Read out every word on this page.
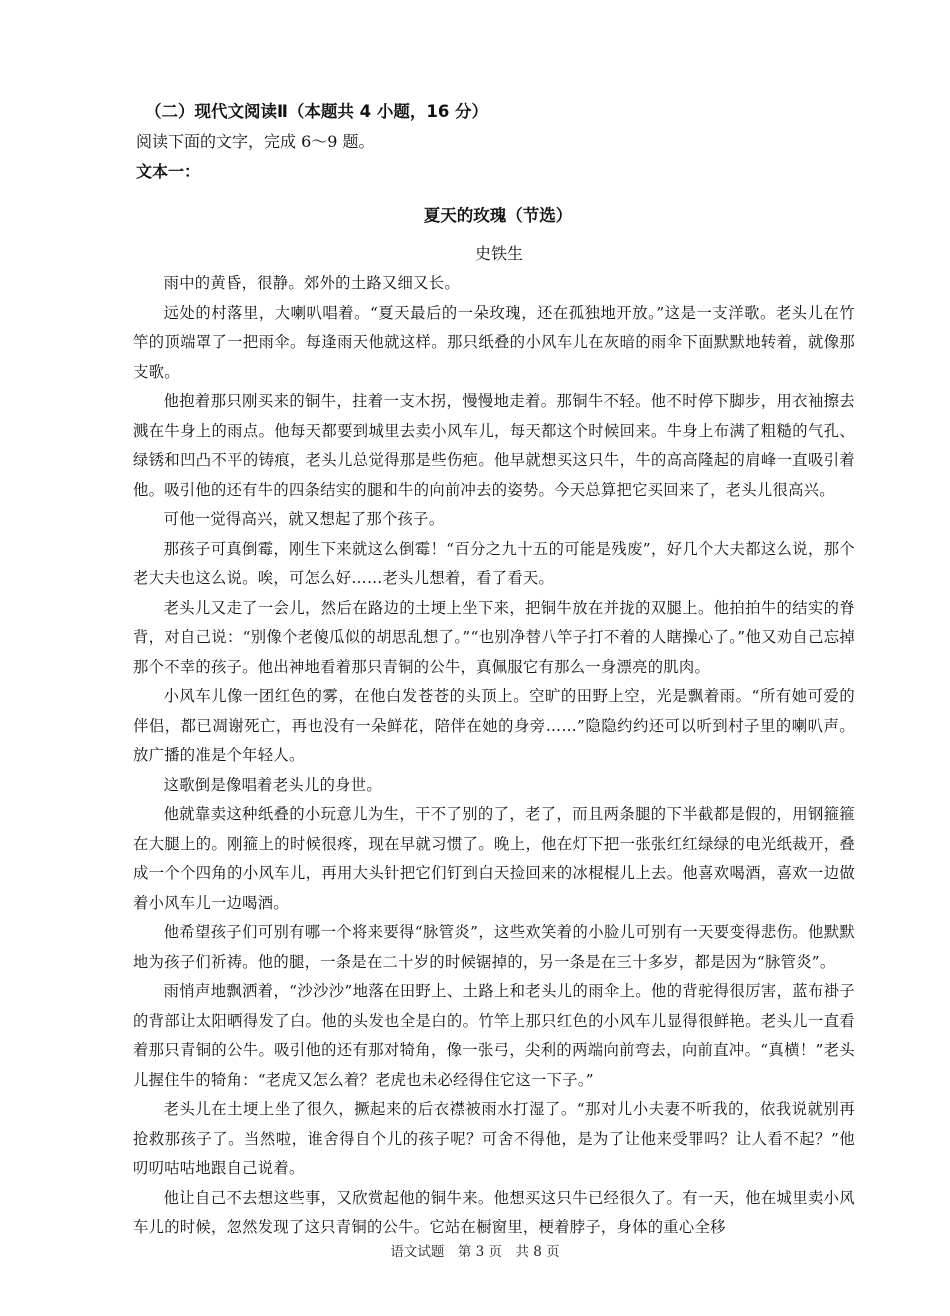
（二）现代文阅读Ⅱ（本题共 4 小题，16 分）
阅读下面的文字，完成 6～9 题。
文本一：
夏天的玫瑰（节选）
史铁生

雨中的黄昏，很静。郊外的土路又细又长。

远处的村落里，大喇叭唱着。“夏天最后的一朵玫瑰，还在孤独地开放。”这是一支洋歌。老头儿在竹竿的顶端罩了一把雨伞。每逢雨天他就这样。那只纸叠的小风车儿在灰暗的雨伞下面默默地转着，就像那支歌。

他抱着那只刚买来的铜牛，拄着一支木拐，慢慢地走着。那铜牛不轻。他不时停下脚步，用衣袖擦去溅在牛身上的雨点。他每天都要到城里去卖小风车儿，每天都这个时候回来。牛身上布满了粗糙的气孔、绿锈和凹凸不平的铸痕，老头儿总觉得那是些伤疤。他早就想买这只牛，牛的高高隆起的肩峰一直吸引着他。吸引他的还有牛的四条结实的腿和牛的向前冲去的姿势。今天总算把它买回来了，老头儿很高兴。

可他一觉得高兴，就又想起了那个孩子。

那孩子可真倒霉，刚生下来就这么倒霉！“百分之九十五的可能是残废”，好几个大夫都这么说，那个老大夫也这么说。唉，可怎么好……老头儿想着，看了看天。

老头儿又走了一会儿，然后在路边的土埂上坐下来，把铜牛放在并拢的双腿上。他拍拍牛的结实的脊背，对自己说：“别像个老傻瓜似的胡思乱想了。”“也别净替八竿子打不着的人瞎操心了。”他又劝自己忘掉那个不幸的孩子。他出神地看着那只青铜的公牛，真佩服它有那么一身漂亮的肌肉。

小风车儿像一团红色的雾，在他白发苍苍的头顶上。空旷的田野上空，光是飘着雨。“所有她可爱的伴侣，都已凋谢死亡，再也没有一朵鲜花，陪伴在她的身旁……”隐隐约约还可以听到村子里的喇叭声。放广播的准是个年轻人。

这歌倒是像唱着老头儿的身世。

他就靠卖这种纸叠的小玩意儿为生，干不了别的了，老了，而且两条腿的下半截都是假的，用钢箍箍在大腿上的。刚箍上的时候很疼，现在早就习惯了。晚上，他在灯下把一张张红红绿绿的电光纸裁开，叠成一个个四角的小风车儿，再用大头针把它们钉到白天捡回来的冰棍棍儿上去。他喜欢喝酒，喜欢一边做着小风车儿一边喝酒。

他希望孩子们可别有哪一个将来要得“脉管炎”，这些欢笑着的小脸儿可别有一天要变得悲伤。他默默地为孩子们祈祷。他的腿，一条是在二十岁的时候锯掉的，另一条是在三十多岁，都是因为“脉管炎”。

雨悄声地飘洒着，“沙沙沙”地落在田野上、土路上和老头儿的雨伞上。他的背驼得很厉害，蓝布褂子的背部让太阳晒得发了白。他的头发也全是白的。竹竿上那只红色的小风车儿显得很鲜艳。老头儿一直看着那只青铜的公牛。吸引他的还有那对犄角，像一张弓，尖利的两端向前弯去，向前直冲。“真横！”老头儿握住牛的犄角：“老虎又怎么着？老虎也未必经得住它这一下子。”

老头儿在土埂上坐了很久，撅起来的后衣襟被雨水打湿了。“那对儿小夫妻不听我的，依我说就别再抢救那孩子了。当然啦，谁舍得自个儿的孩子呢？可舍不得他，是为了让他来受罪吗？让人看不起？”他叨叨咕咕地跟自己说着。

他让自己不去想这些事，又欣赏起他的铜牛来。他想买这只牛已经很久了。有一天，他在城里卖小风车儿的时候，忽然发现了这只青铜的公牛。它站在橱窗里，梗着脖子，身体的重心全移

语文试题　第 3 页　共 8 页
